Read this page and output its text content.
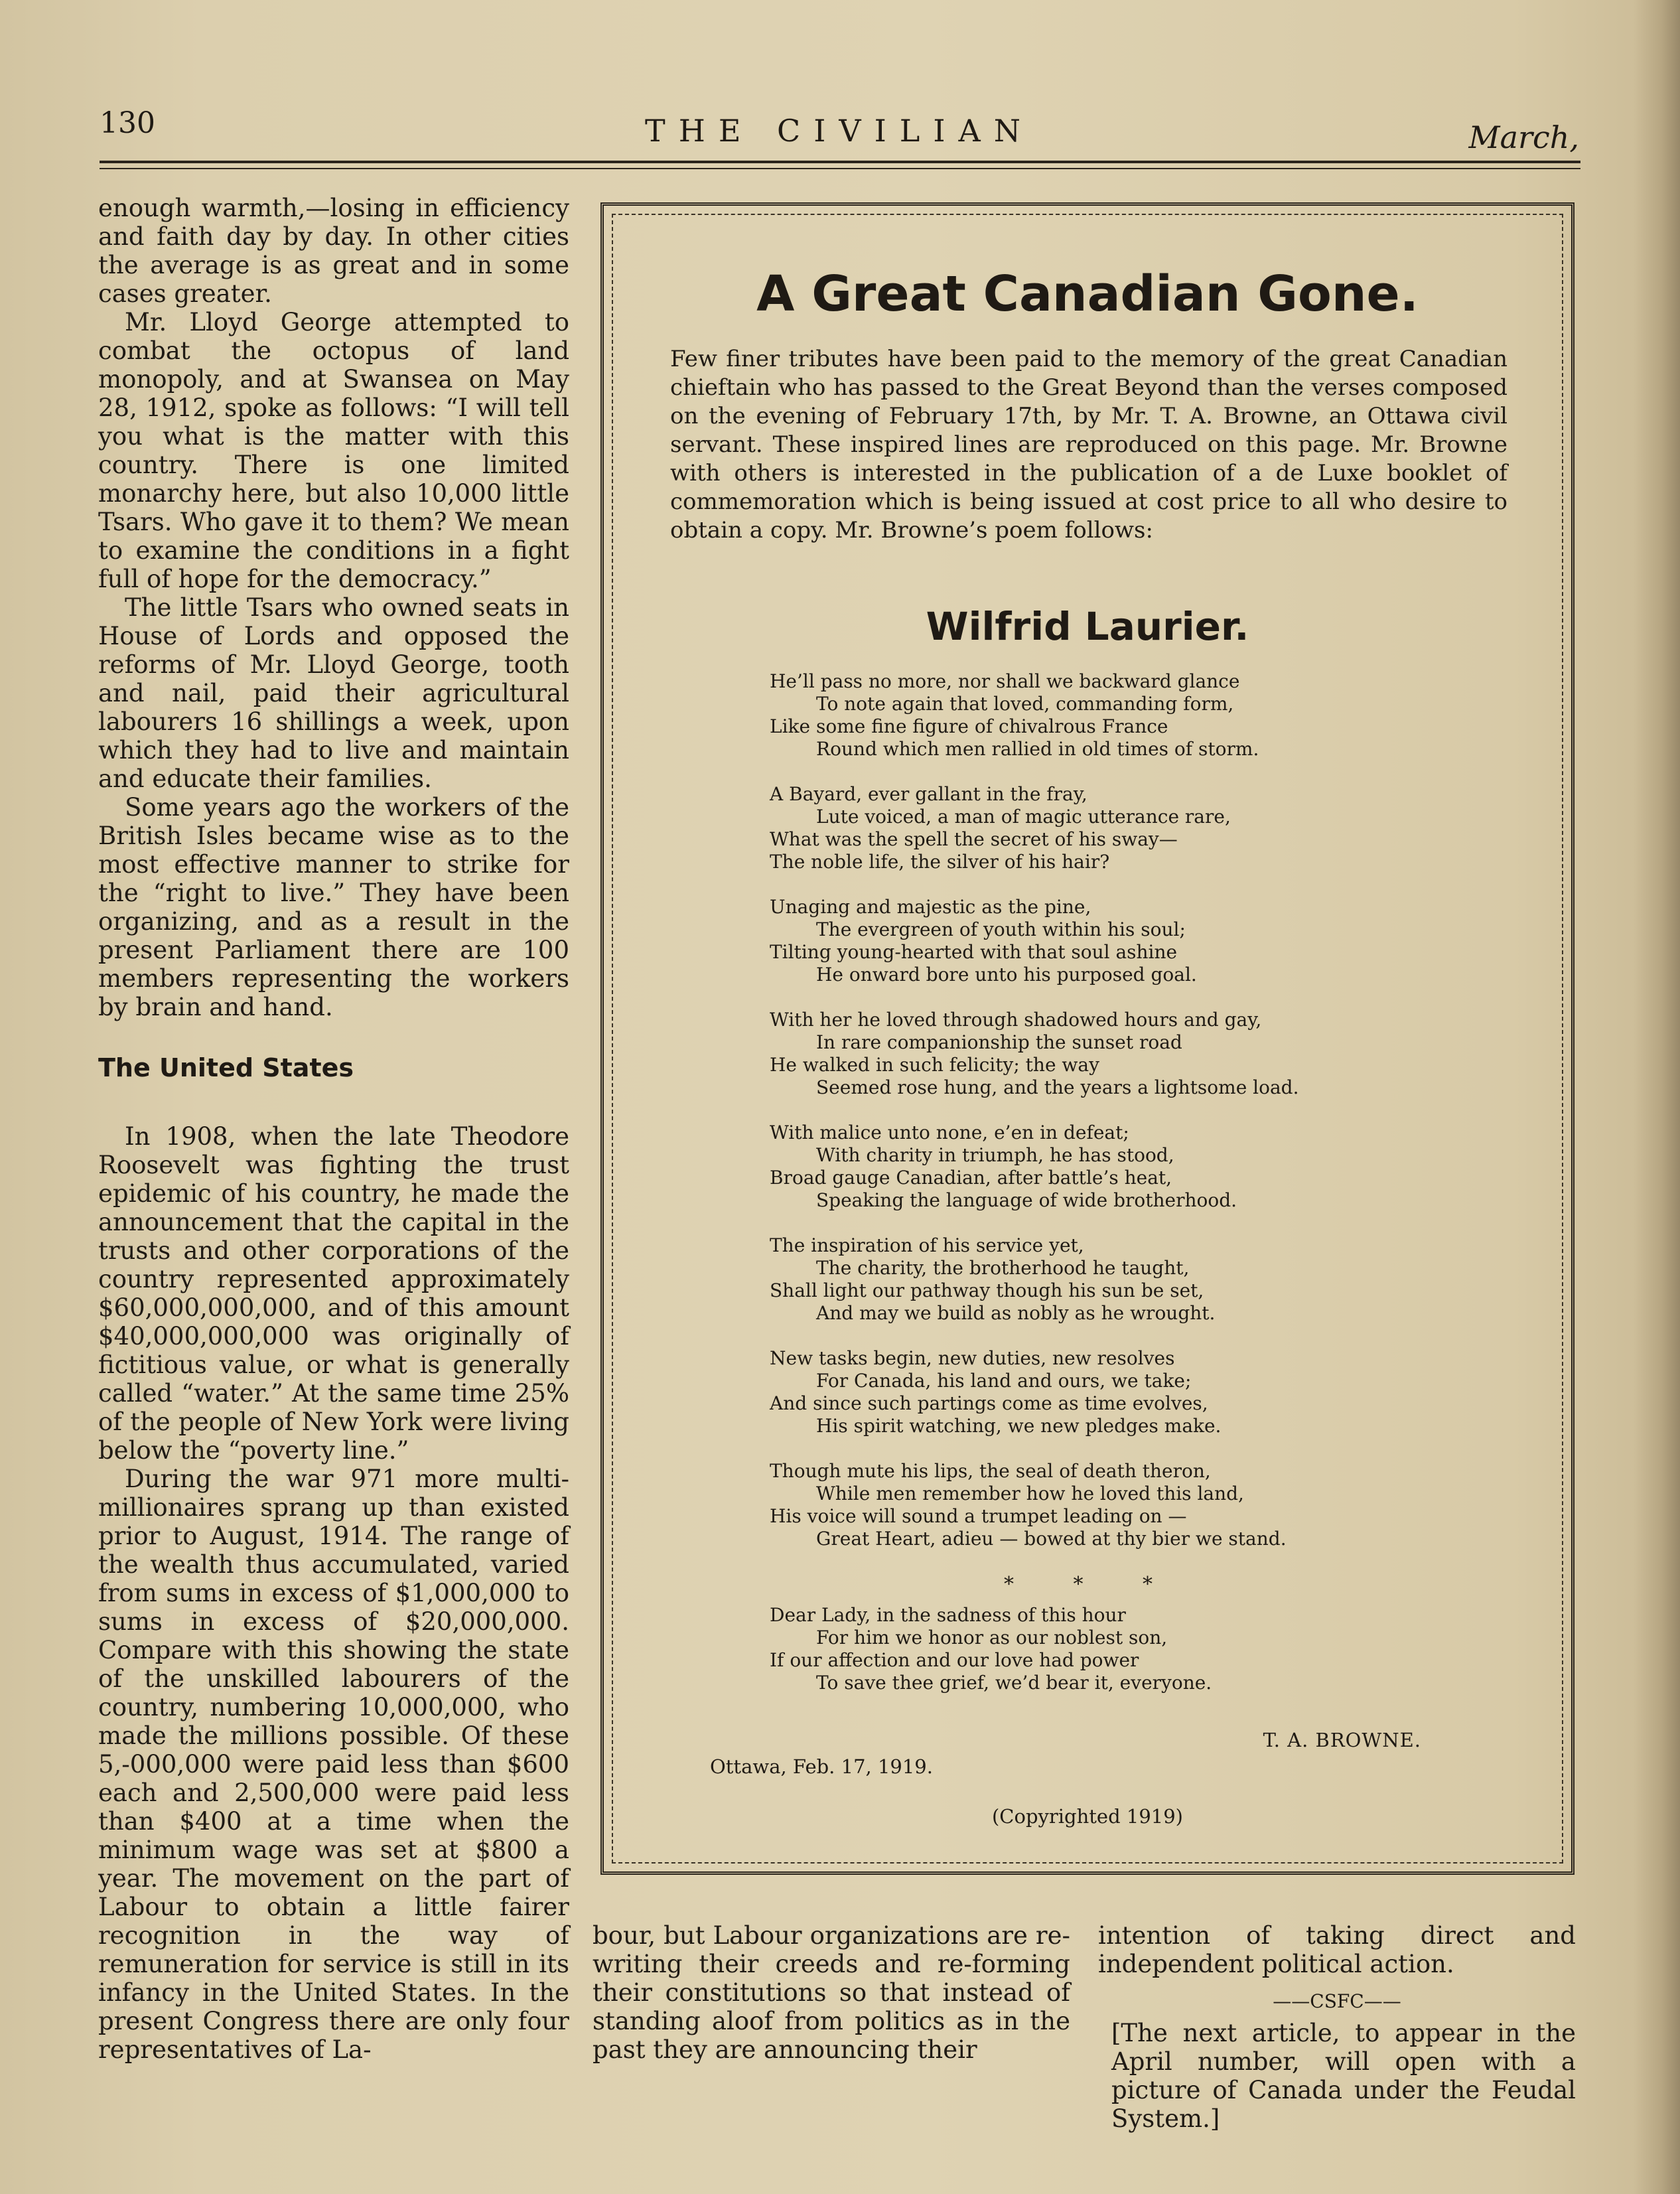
130	THE CIVILIAN	March,

enough warmth,—losing in efficiency and faith day by day. In other cities the average is as great and in some cases greater.

Mr. Lloyd George attempted to combat the octopus of land monopoly, and at Swansea on May 28, 1912, spoke as follows: “I will tell you what is the matter with this country. There is one limited monarchy here, but also 10,000 little Tsars. Who gave it to them? We mean to examine the conditions in a fight full of hope for the democracy.”

The little Tsars who owned seats in House of Lords and opposed the reforms of Mr. Lloyd George, tooth and nail, paid their agricultural labourers 16 shillings a week, upon which they had to live and maintain and educate their families.

Some years ago the workers of the British Isles became wise as to the most effective manner to strike for the “right to live.” They have been organizing, and as a result in the present Parliament there are 100 members representing the workers by brain and hand.

The United States

In 1908, when the late Theodore Roosevelt was fighting the trust epidemic of his country, he made the announcement that the capital in the trusts and other corporations of the country represented approximately $60,000,000,000, and of this amount $40,000,000,000 was originally of fictitious value, or what is generally called “water.” At the same time 25% of the people of New York were living below the “poverty line.”

During the war 971 more multi-millionaires sprang up than existed prior to August, 1914. The range of the wealth thus accumulated, varied from sums in excess of $1,000,000 to sums in excess of $20,000,000. Compare with this showing the state of the unskilled labourers of the country, numbering 10,000,000, who made the millions possible. Of these 5,-000,000 were paid less than $600 each and 2,500,000 were paid less than $400 at a time when the minimum wage was set at $800 a year. The movement on the part of Labour to obtain a little fairer recognition in the way of remuneration for service is still in its infancy in the United States. In the present Congress there are only four representatives of La-

A Great Canadian Gone.

Few finer tributes have been paid to the memory of the great Canadian chieftain who has passed to the Great Beyond than the verses composed on the evening of February 17th, by Mr. T. A. Browne, an Ottawa civil servant. These inspired lines are reproduced on this page. Mr. Browne with others is interested in the publication of a de Luxe booklet of commemoration which is being issued at cost price to all who desire to obtain a copy. Mr. Browne’s poem follows:

Wilfrid Laurier.
He’ll pass no more, nor shall we backward glance
To note again that loved, commanding form,
Like some fine figure of chivalrous France
Round which men rallied in old times of storm.
A Bayard, ever gallant in the fray,
Lute voiced, a man of magic utterance rare,
What was the spell the secret of his sway—
The noble life, the silver of his hair?
Unaging and majestic as the pine,
The evergreen of youth within his soul;
Tilting young-hearted with that soul ashine
He onward bore unto his purposed goal.
With her he loved through shadowed hours and gay,
In rare companionship the sunset road
He walked in such felicity; the way
Seemed rose hung, and the years a lightsome load.
With malice unto none, e’en in defeat;
With charity in triumph, he has stood,
Broad gauge Canadian, after battle’s heat,
Speaking the language of wide brotherhood.
The inspiration of his service yet,
The charity, the brotherhood he taught,
Shall light our pathway though his sun be set,
And may we build as nobly as he wrought.
New tasks begin, new duties, new resolves
For Canada, his land and ours, we take;
And since such partings come as time evolves,
His spirit watching, we new pledges make.
Though mute his lips, the seal of death theron,
While men remember how he loved this land,
His voice will sound a trumpet leading on —
Great Heart, adieu — bowed at thy bier we stand.
* * *
Dear Lady, in the sadness of this hour
For him we honor as our noblest son,
If our affection and our love had power
To save thee grief, we’d bear it, everyone.
T. A. BROWNE.
Ottawa, Feb. 17, 1919.
(Copyrighted 1919)

bour, but Labour organizations are re-writing their creeds and re-forming their constitutions so that instead of standing aloof from politics as in the past they are announcing their

intention of taking direct and independent political action.

——CSFC——

[The next article, to appear in the April number, will open with a picture of Canada under the Feudal System.]
